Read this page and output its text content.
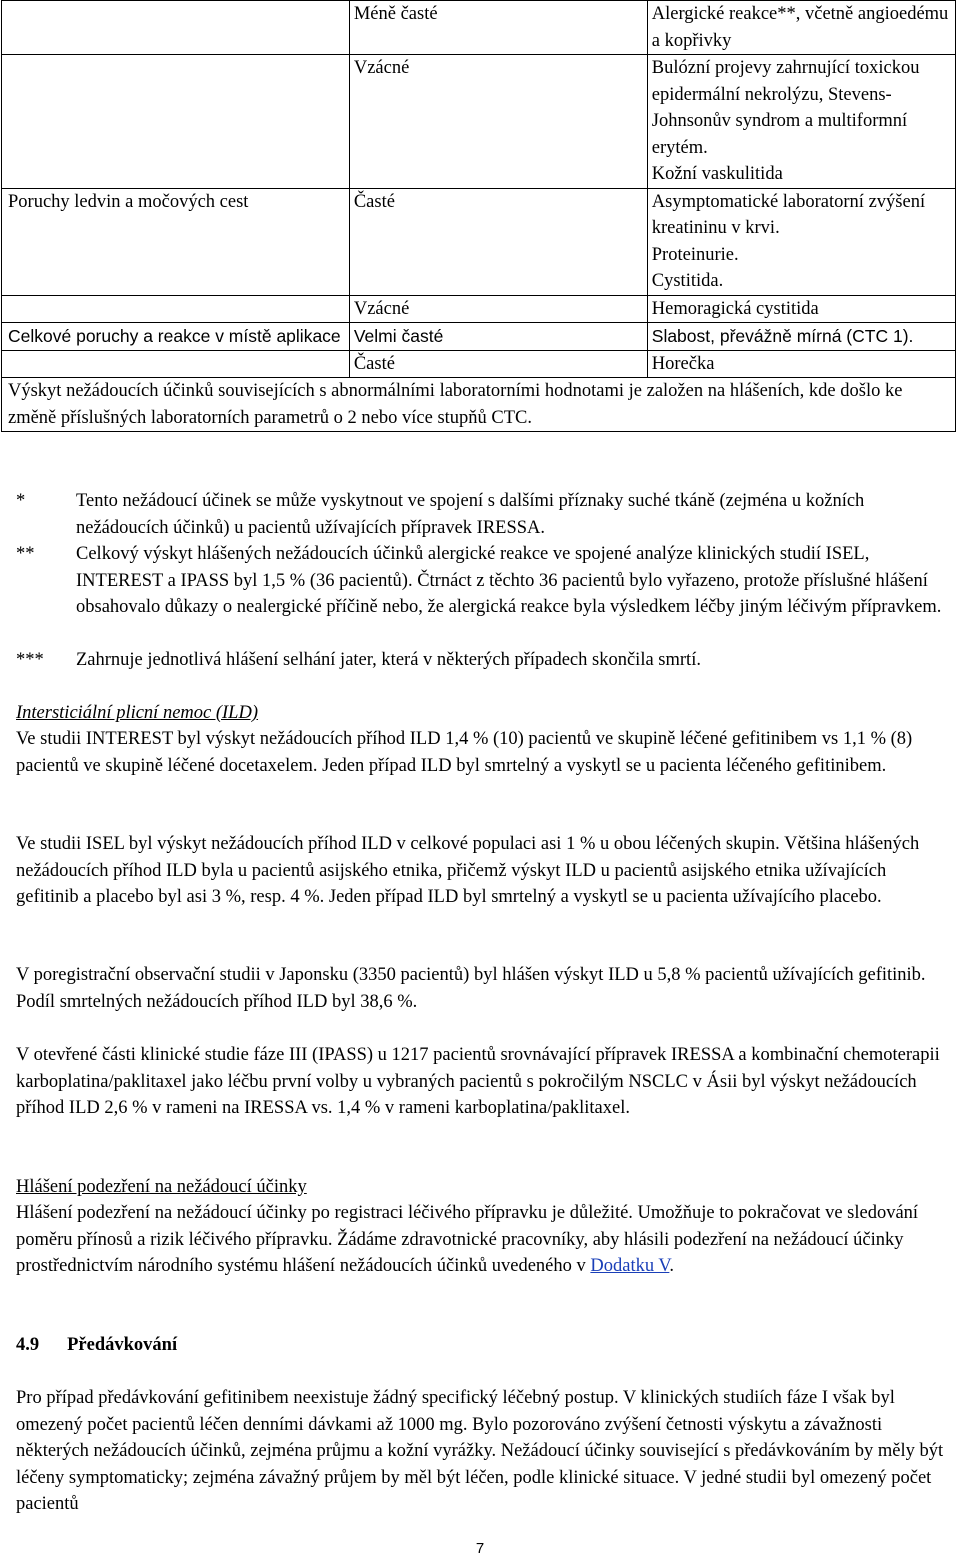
	Méně časté	Alergické reakce**, včetně angioedému a kopřivky

	Vzácné	Bulózní projevy zahrnující toxickou epidermální nekrolýzu, Stevens-Johnsonův syndrom a multiformní erytém.
Kožní vaskulitida

Poruchy ledvin a močových cest	Časté	Asymptomatické laboratorní zvýšení kreatininu v krvi.
Proteinurie.
Cystitida.

	Vzácné	Hemoragická cystitida

Celkové poruchy a reakce v místě aplikace	Velmi časté	Slabost, převážně mírná (CTC 1).

	Časté	Horečka

Výskyt nežádoucích účinků souvisejících s abnormálními laboratorními hodnotami je založen na hlášeních, kde došlo ke změně příslušných laboratorních parametrů o 2 nebo více stupňů CTC.		
*	Tento nežádoucí účinek se může vyskytnout ve spojení s dalšími příznaky suché tkáně (zejména u kožních nežádoucích účinků) u pacientů užívajících přípravek IRESSA.
** Celkový výskyt hlášených nežádoucích účinků alergické reakce ve spojené analýze klinických studií ISEL, INTEREST a IPASS byl 1,5 % (36 pacientů). Čtrnáct z těchto 36 pacientů bylo vyřazeno, protože příslušné hlášení obsahovalo důkazy o nealergické příčině nebo, že alergická reakce byla výsledkem léčby jiným léčivým přípravkem.
*** Zahrnuje jednotlivá hlášení selhání jater, která v některých případech skončila smrtí.
Intersticiální plicní nemoc (ILD)
Ve studii INTEREST byl výskyt nežádoucích příhod ILD 1,4 % (10) pacientů ve skupině léčené gefitinibem vs 1,1 % (8) pacientů ve skupině léčené docetaxelem. Jeden případ ILD byl smrtelný a vyskytl se u pacienta léčeného gefitinibem.
Ve studii ISEL byl výskyt nežádoucích příhod ILD v celkové populaci asi 1 % u obou léčených skupin. Většina hlášených nežádoucích příhod ILD byla u pacientů asijského etnika, přičemž výskyt ILD u pacientů asijského etnika užívajících gefitinib a placebo byl asi 3 %, resp. 4 %. Jeden případ ILD byl smrtelný a vyskytl se u pacienta užívajícího placebo.
V poregistrační observační studii v Japonsku (3350 pacientů) byl hlášen výskyt ILD u 5,8 % pacientů užívajících gefitinib. Podíl smrtelných nežádoucích příhod ILD byl 38,6 %.
V otevřené části klinické studie fáze III (IPASS) u 1217 pacientů srovnávající přípravek IRESSA a kombinační chemoterapii karboplatina/paklitaxel jako léčbu první volby u vybraných pacientů s pokročilým NSCLC v Ásii byl výskyt nežádoucích příhod ILD 2,6 % v rameni na IRESSA vs. 1,4 % v rameni karboplatina/paklitaxel.
Hlášení podezření na nežádoucí účinky
Hlášení podezření na nežádoucí účinky po registraci léčivého přípravku je důležité. Umožňuje to pokračovat ve sledování poměru přínosů a rizik léčivého přípravku. Žádáme zdravotnické pracovníky, aby hlásili podezření na nežádoucí účinky prostřednictvím národního systému hlášení nežádoucích účinků uvedeného v Dodatku V.
4.9 Předávkování
Pro případ předávkování gefitinibem neexistuje žádný specifický léčebný postup. V klinických studiích fáze I však byl omezený počet pacientů léčen denními dávkami až 1000 mg. Bylo pozorováno zvýšení četnosti výskytu a závažnosti některých nežádoucích účinků, zejména průjmu a kožní vyrážky. Nežádoucí účinky související s předávkováním by měly být léčeny symptomaticky; zejména závažný průjem by měl být léčen, podle klinické situace. V jedné studii byl omezený počet pacientů
7
